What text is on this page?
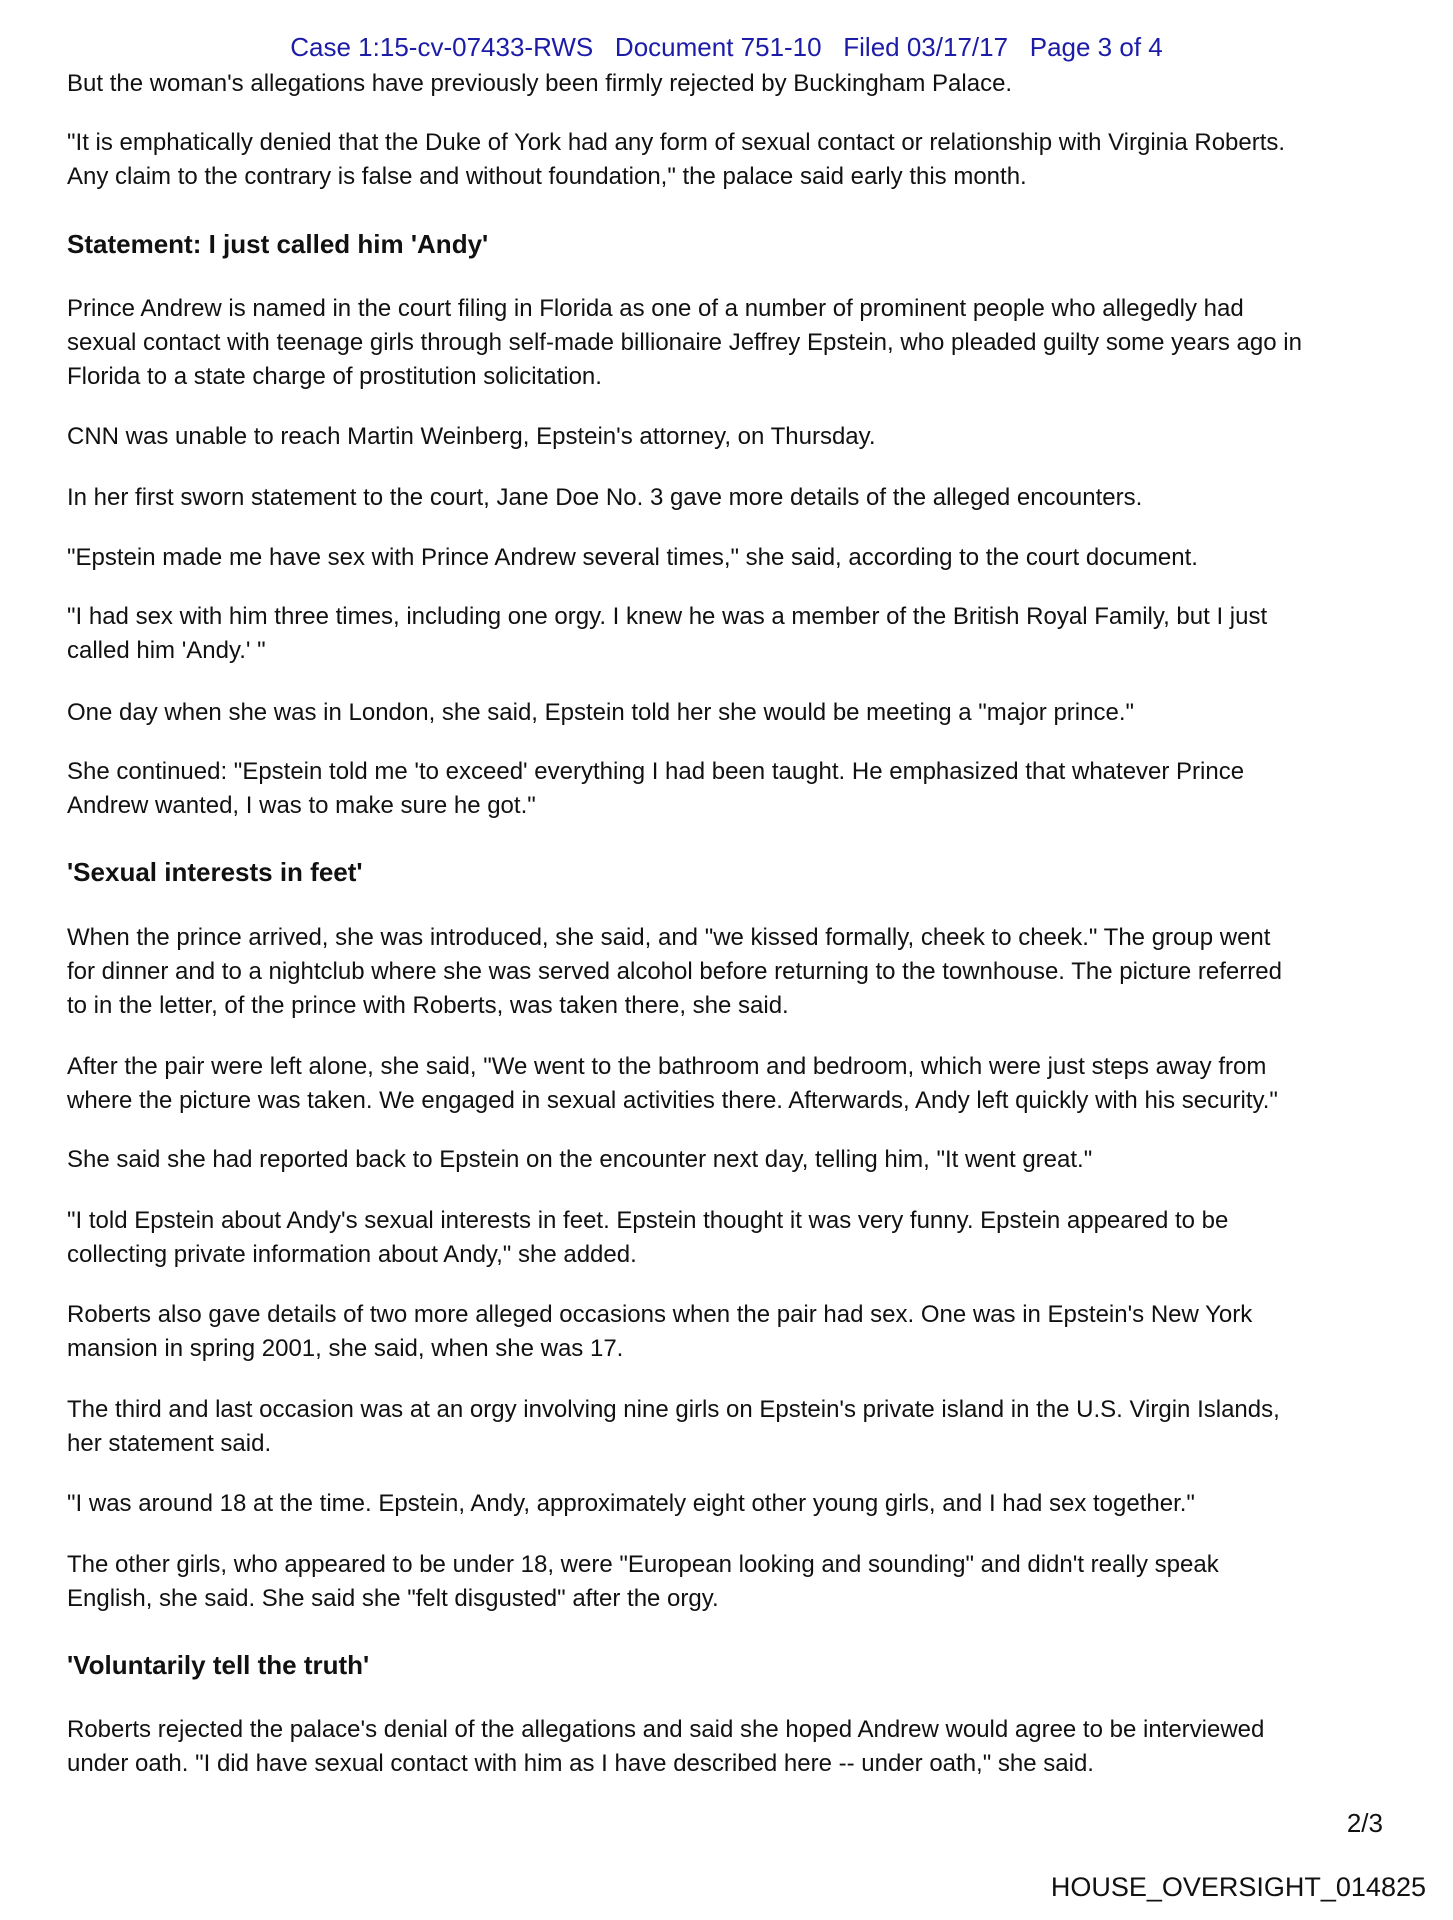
Case 1:15-cv-07433-RWS   Document 751-10   Filed 03/17/17   Page 3 of 4
But the woman's allegations have previously been firmly rejected by Buckingham Palace.
"It is emphatically denied that the Duke of York had any form of sexual contact or relationship with Virginia Roberts.
Any claim to the contrary is false and without foundation," the palace said early this month.
Statement: I just called him 'Andy'
Prince Andrew is named in the court filing in Florida as one of a number of prominent people who allegedly had
sexual contact with teenage girls through self-made billionaire Jeffrey Epstein, who pleaded guilty some years ago in
Florida to a state charge of prostitution solicitation.
CNN was unable to reach Martin Weinberg, Epstein's attorney, on Thursday.
In her first sworn statement to the court, Jane Doe No. 3 gave more details of the alleged encounters.
"Epstein made me have sex with Prince Andrew several times," she said, according to the court document.
"I had sex with him three times, including one orgy. I knew he was a member of the British Royal Family, but I just
called him 'Andy.' "
One day when she was in London, she said, Epstein told her she would be meeting a "major prince."
She continued: "Epstein told me 'to exceed' everything I had been taught. He emphasized that whatever Prince
Andrew wanted, I was to make sure he got."
'Sexual interests in feet'
When the prince arrived, she was introduced, she said, and "we kissed formally, cheek to cheek." The group went
for dinner and to a nightclub where she was served alcohol before returning to the townhouse. The picture referred
to in the letter, of the prince with Roberts, was taken there, she said.
After the pair were left alone, she said, "We went to the bathroom and bedroom, which were just steps away from
where the picture was taken. We engaged in sexual activities there. Afterwards, Andy left quickly with his security."
She said she had reported back to Epstein on the encounter next day, telling him, "It went great."
"I told Epstein about Andy's sexual interests in feet. Epstein thought it was very funny. Epstein appeared to be
collecting private information about Andy," she added.
Roberts also gave details of two more alleged occasions when the pair had sex. One was in Epstein's New York
mansion in spring 2001, she said, when she was 17.
The third and last occasion was at an orgy involving nine girls on Epstein's private island in the U.S. Virgin Islands,
her statement said.
"I was around 18 at the time. Epstein, Andy, approximately eight other young girls, and I had sex together."
The other girls, who appeared to be under 18, were "European looking and sounding" and didn't really speak
English, she said. She said she "felt disgusted" after the orgy.
'Voluntarily tell the truth'
Roberts rejected the palace's denial of the allegations and said she hoped Andrew would agree to be interviewed
under oath. "I did have sexual contact with him as I have described here -- under oath," she said.
2/3
HOUSE_OVERSIGHT_014825
